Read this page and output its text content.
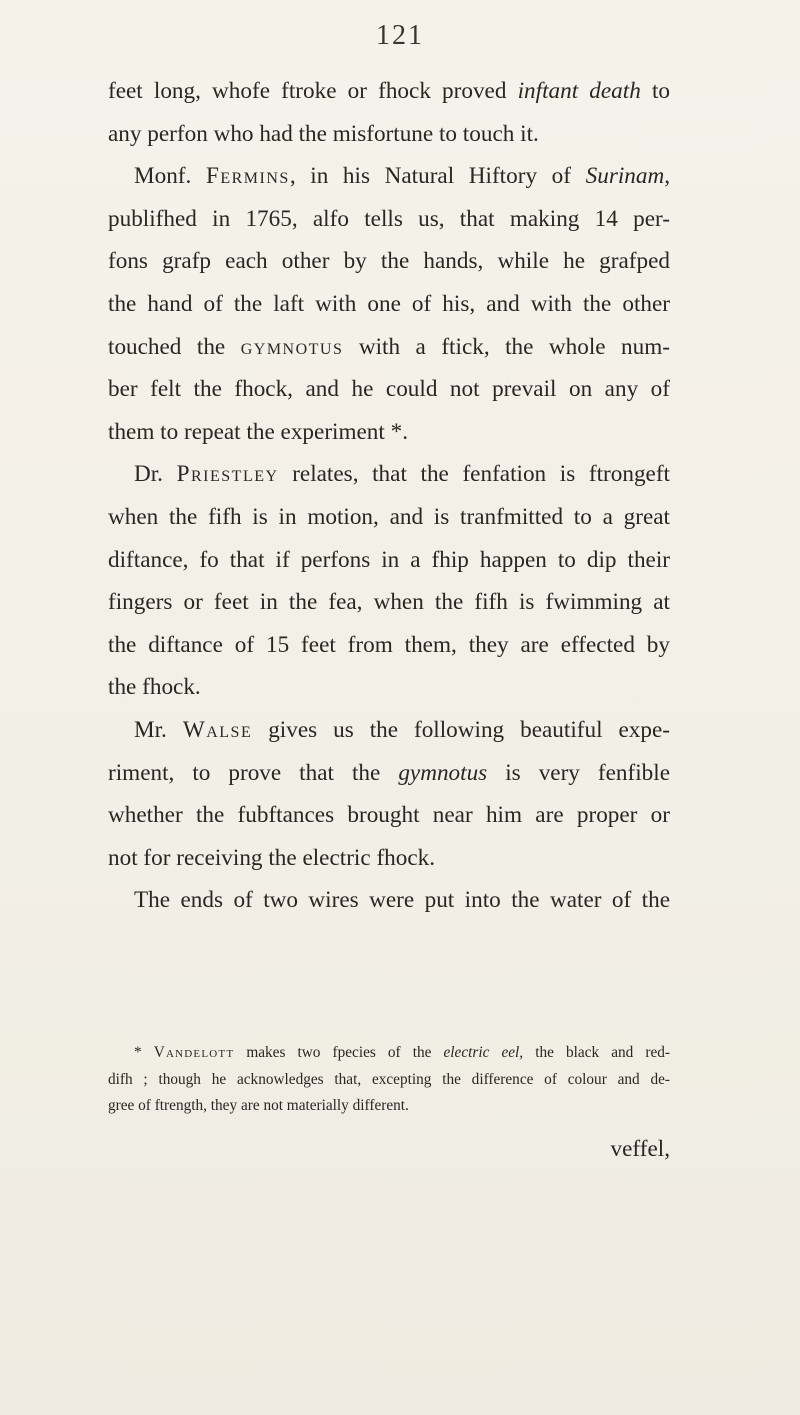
121
feet long, whofe ftroke or fhock proved inftant death to
any perfon who had the misfortune to touch it.
Monf. Fermins, in his Natural Hiftory of Surinam,
publifhed in 1765, alfo tells us, that making 14 per-
fons grafp each other by the hands, while he grafped
the hand of the laft with one of his, and with the other
touched the gymnotus with a ftick, the whole num-
ber felt the fhock, and he could not prevail on any of
them to repeat the experiment *.
Dr. Priestley relates, that the fenfation is ftrongeft
when the fifh is in motion, and is tranfmitted to a great
diftance, fo that if perfons in a fhip happen to dip their
fingers or feet in the fea, when the fifh is fwimming at
the diftance of 15 feet from them, they are effected by
the fhock.
Mr. Walse gives us the following beautiful expe-
riment, to prove that the gymnotus is very fenfible
whether the fubftances brought near him are proper or
not for receiving the electric fhock.
The ends of two wires were put into the water of the
* Vandelott makes two fpecies of the electric eel, the black and red-
difh ; though he acknowledges that, excepting the difference of colour and de-
gree of ftrength, they are not materially different.
veffel,
